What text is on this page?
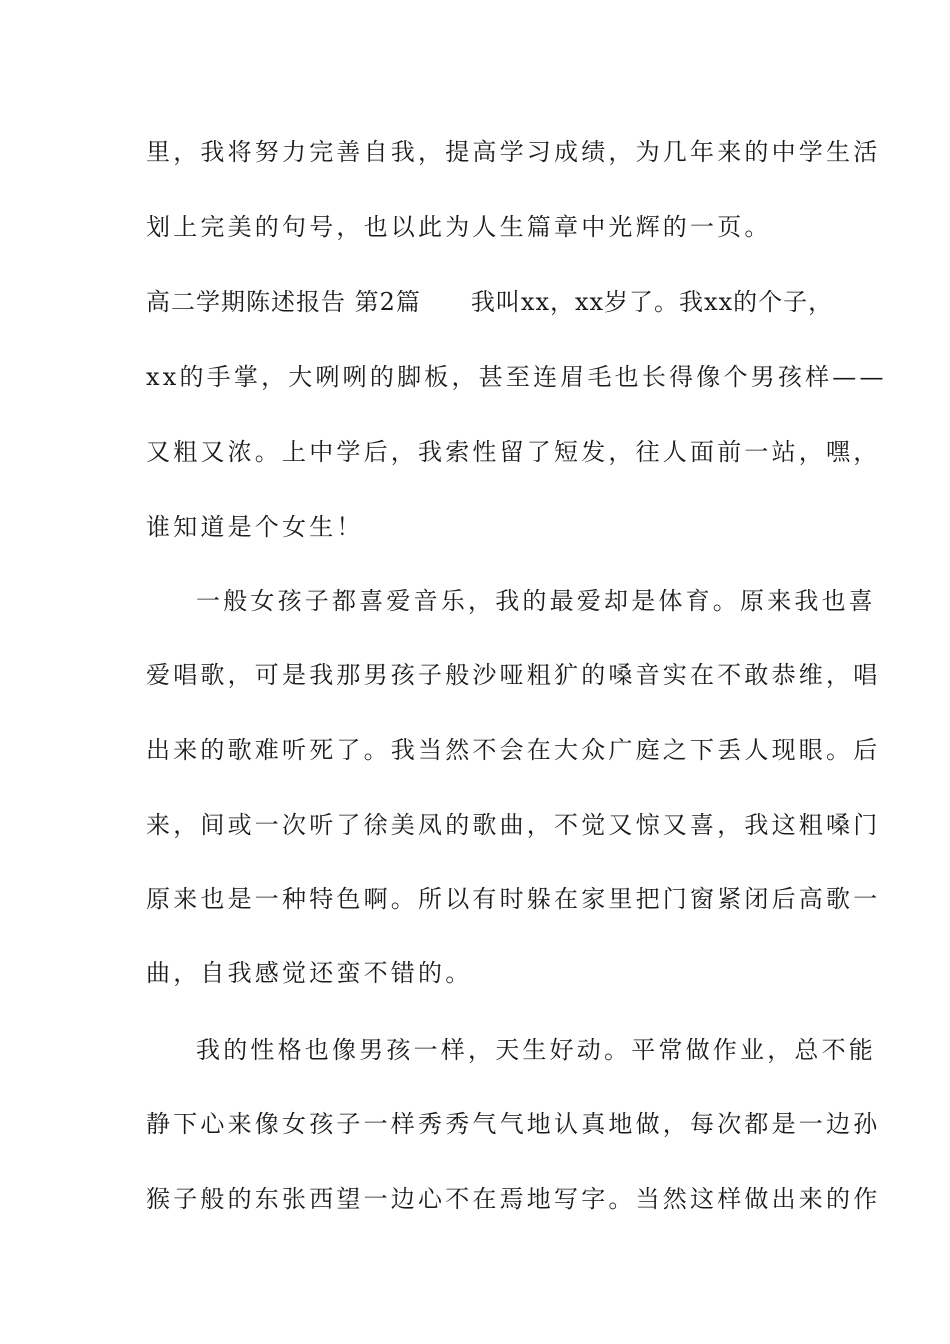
里，我将努力完善自我，提高学习成绩，为几年来的中学生活
划上完美的句号，也以此为人生篇章中光辉的一页。
高二学期陈述报告 第2篇 我叫xx，xx岁了。我xx的个子，
xx的手掌，大咧咧的脚板，甚至连眉毛也长得像个男孩样——
又粗又浓。上中学后，我索性留了短发，往人面前一站，嘿，
谁知道是个女生！
一般女孩子都喜爱音乐，我的最爱却是体育。原来我也喜
爱唱歌，可是我那男孩子般沙哑粗犷的嗓音实在不敢恭维，唱
出来的歌难听死了。我当然不会在大众广庭之下丢人现眼。后
来，间或一次听了徐美凤的歌曲，不觉又惊又喜，我这粗嗓门
原来也是一种特色啊。所以有时躲在家里把门窗紧闭后高歌一
曲，自我感觉还蛮不错的。
我的性格也像男孩一样，天生好动。平常做作业，总不能
静下心来像女孩子一样秀秀气气地认真地做，每次都是一边孙
猴子般的东张西望一边心不在焉地写字。当然这样做出来的作
